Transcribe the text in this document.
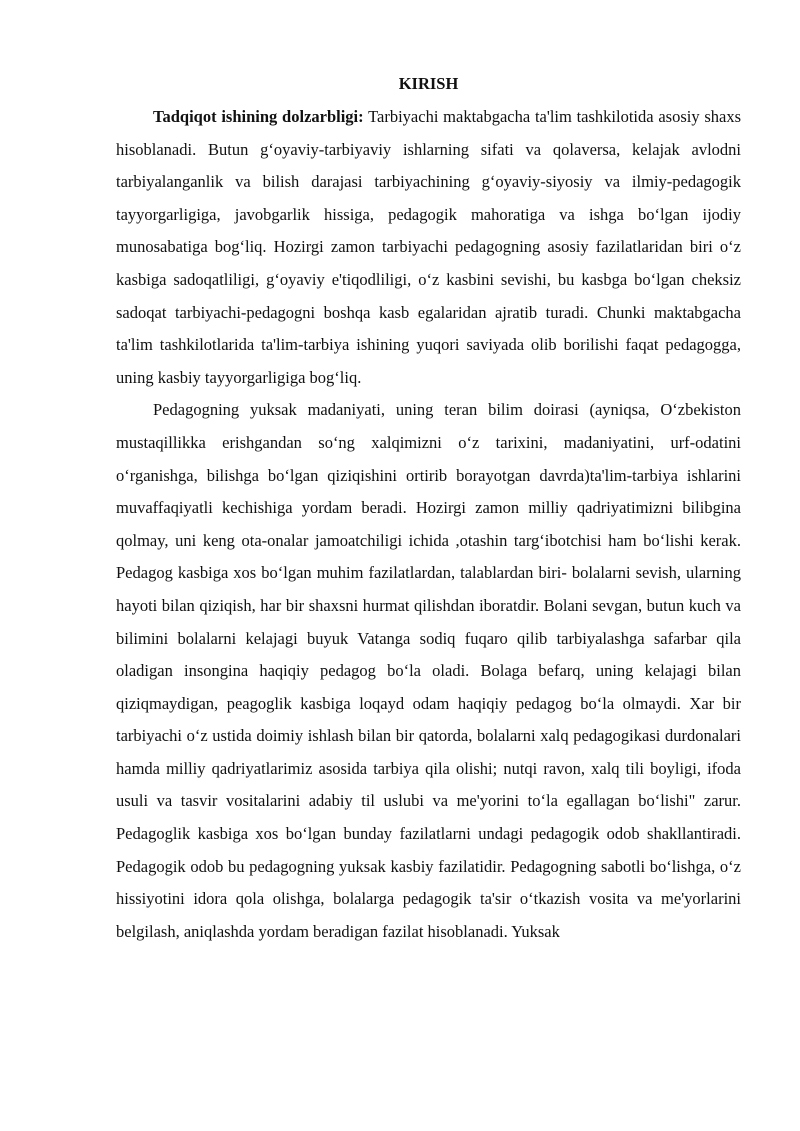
KIRISH

Tadqiqot ishining dolzarbligi: Tarbiyachi maktabgacha ta'lim tashkilotida asosiy shaxs hisoblanadi. Butun g‘oyaviy-tarbiyaviy ishlarning sifati va qolaversa, kelajak avlodni tarbiyalanganlik va bilish darajasi tarbiyachining g‘oyaviy-siyosiy va ilmiy-pedagogik tayyorgarligiga, javobgarlik hissiga, pedagogik mahoratiga va ishga bo‘lgan ijodiy munosabatiga bog‘liq. Hozirgi zamon tarbiyachi pedagogning asosiy fazilatlaridan biri o‘z kasbiga sadoqatliligi, g‘oyaviy e'tiqodliligi, o‘z kasbini sevishi, bu kasbga bo‘lgan cheksiz sadoqat tarbiyachi-pedagogni boshqa kasb egalaridan ajratib turadi. Chunki maktabgacha ta'lim tashkilotlarida ta'lim-tarbiya ishining yuqori saviyada olib borilishi faqat pedagogga, uning kasbiy tayyorgarligiga bog‘liq.

Pedagogning yuksak madaniyati, uning teran bilim doirasi (ayniqsa, O‘zbekiston mustaqillikka erishgandan so‘ng xalqimizni o‘z tarixini, madaniyatini, urf-odatini o‘rganishga, bilishga bo‘lgan qiziqishini ortirib borayotgan davrda)ta'lim-tarbiya ishlarini muvaffaqiyatli kechishiga yordam beradi. Hozirgi zamon milliy qadriyatimizni bilibgina qolmay, uni keng ota-onalar jamoatchiligi ichida ,otashin targ‘ibotchisi ham bo‘lishi kerak. Pedagog kasbiga xos bo‘lgan muhim fazilatlardan, talablardan biri- bolalarni sevish, ularning hayoti bilan qiziqish, har bir shaxsni hurmat qilishdan iboratdir. Bolani sevgan, butun kuch va bilimini bolalarni kelajagi buyuk Vatanga sodiq fuqaro qilib tarbiyalashga safarbar qila oladigan insongina haqiqiy pedagog bo‘la oladi. Bolaga befarq, uning kelajagi bilan qiziqmaydigan, peagoglik kasbiga loqayd odam haqiqiy pedagog bo‘la olmaydi. Xar bir tarbiyachi o‘z ustida doimiy ishlash bilan bir qatorda, bolalarni xalq pedagogikasi durdonalari hamda milliy qadriyatlarimiz asosida tarbiya qila olishi; nutqi ravon, xalq tili boyligi, ifoda usuli va tasvir vositalarini adabiy til uslubi va me'yorini to‘la egallagan bo‘lishi" zarur. Pedagoglik kasbiga xos bo‘lgan bunday fazilatlarni undagi pedagogik odob shakllantiradi. Pedagogik odob bu pedagogning yuksak kasbiy fazilatidir. Pedagogning sabotli bo‘lishga, o‘z hissiyotini idora qola olishga, bolalarga pedagogik ta'sir o‘tkazish vosita va me'yorlarini belgilash, aniqlashda yordam beradigan fazilat hisoblanadi. Yuksak
